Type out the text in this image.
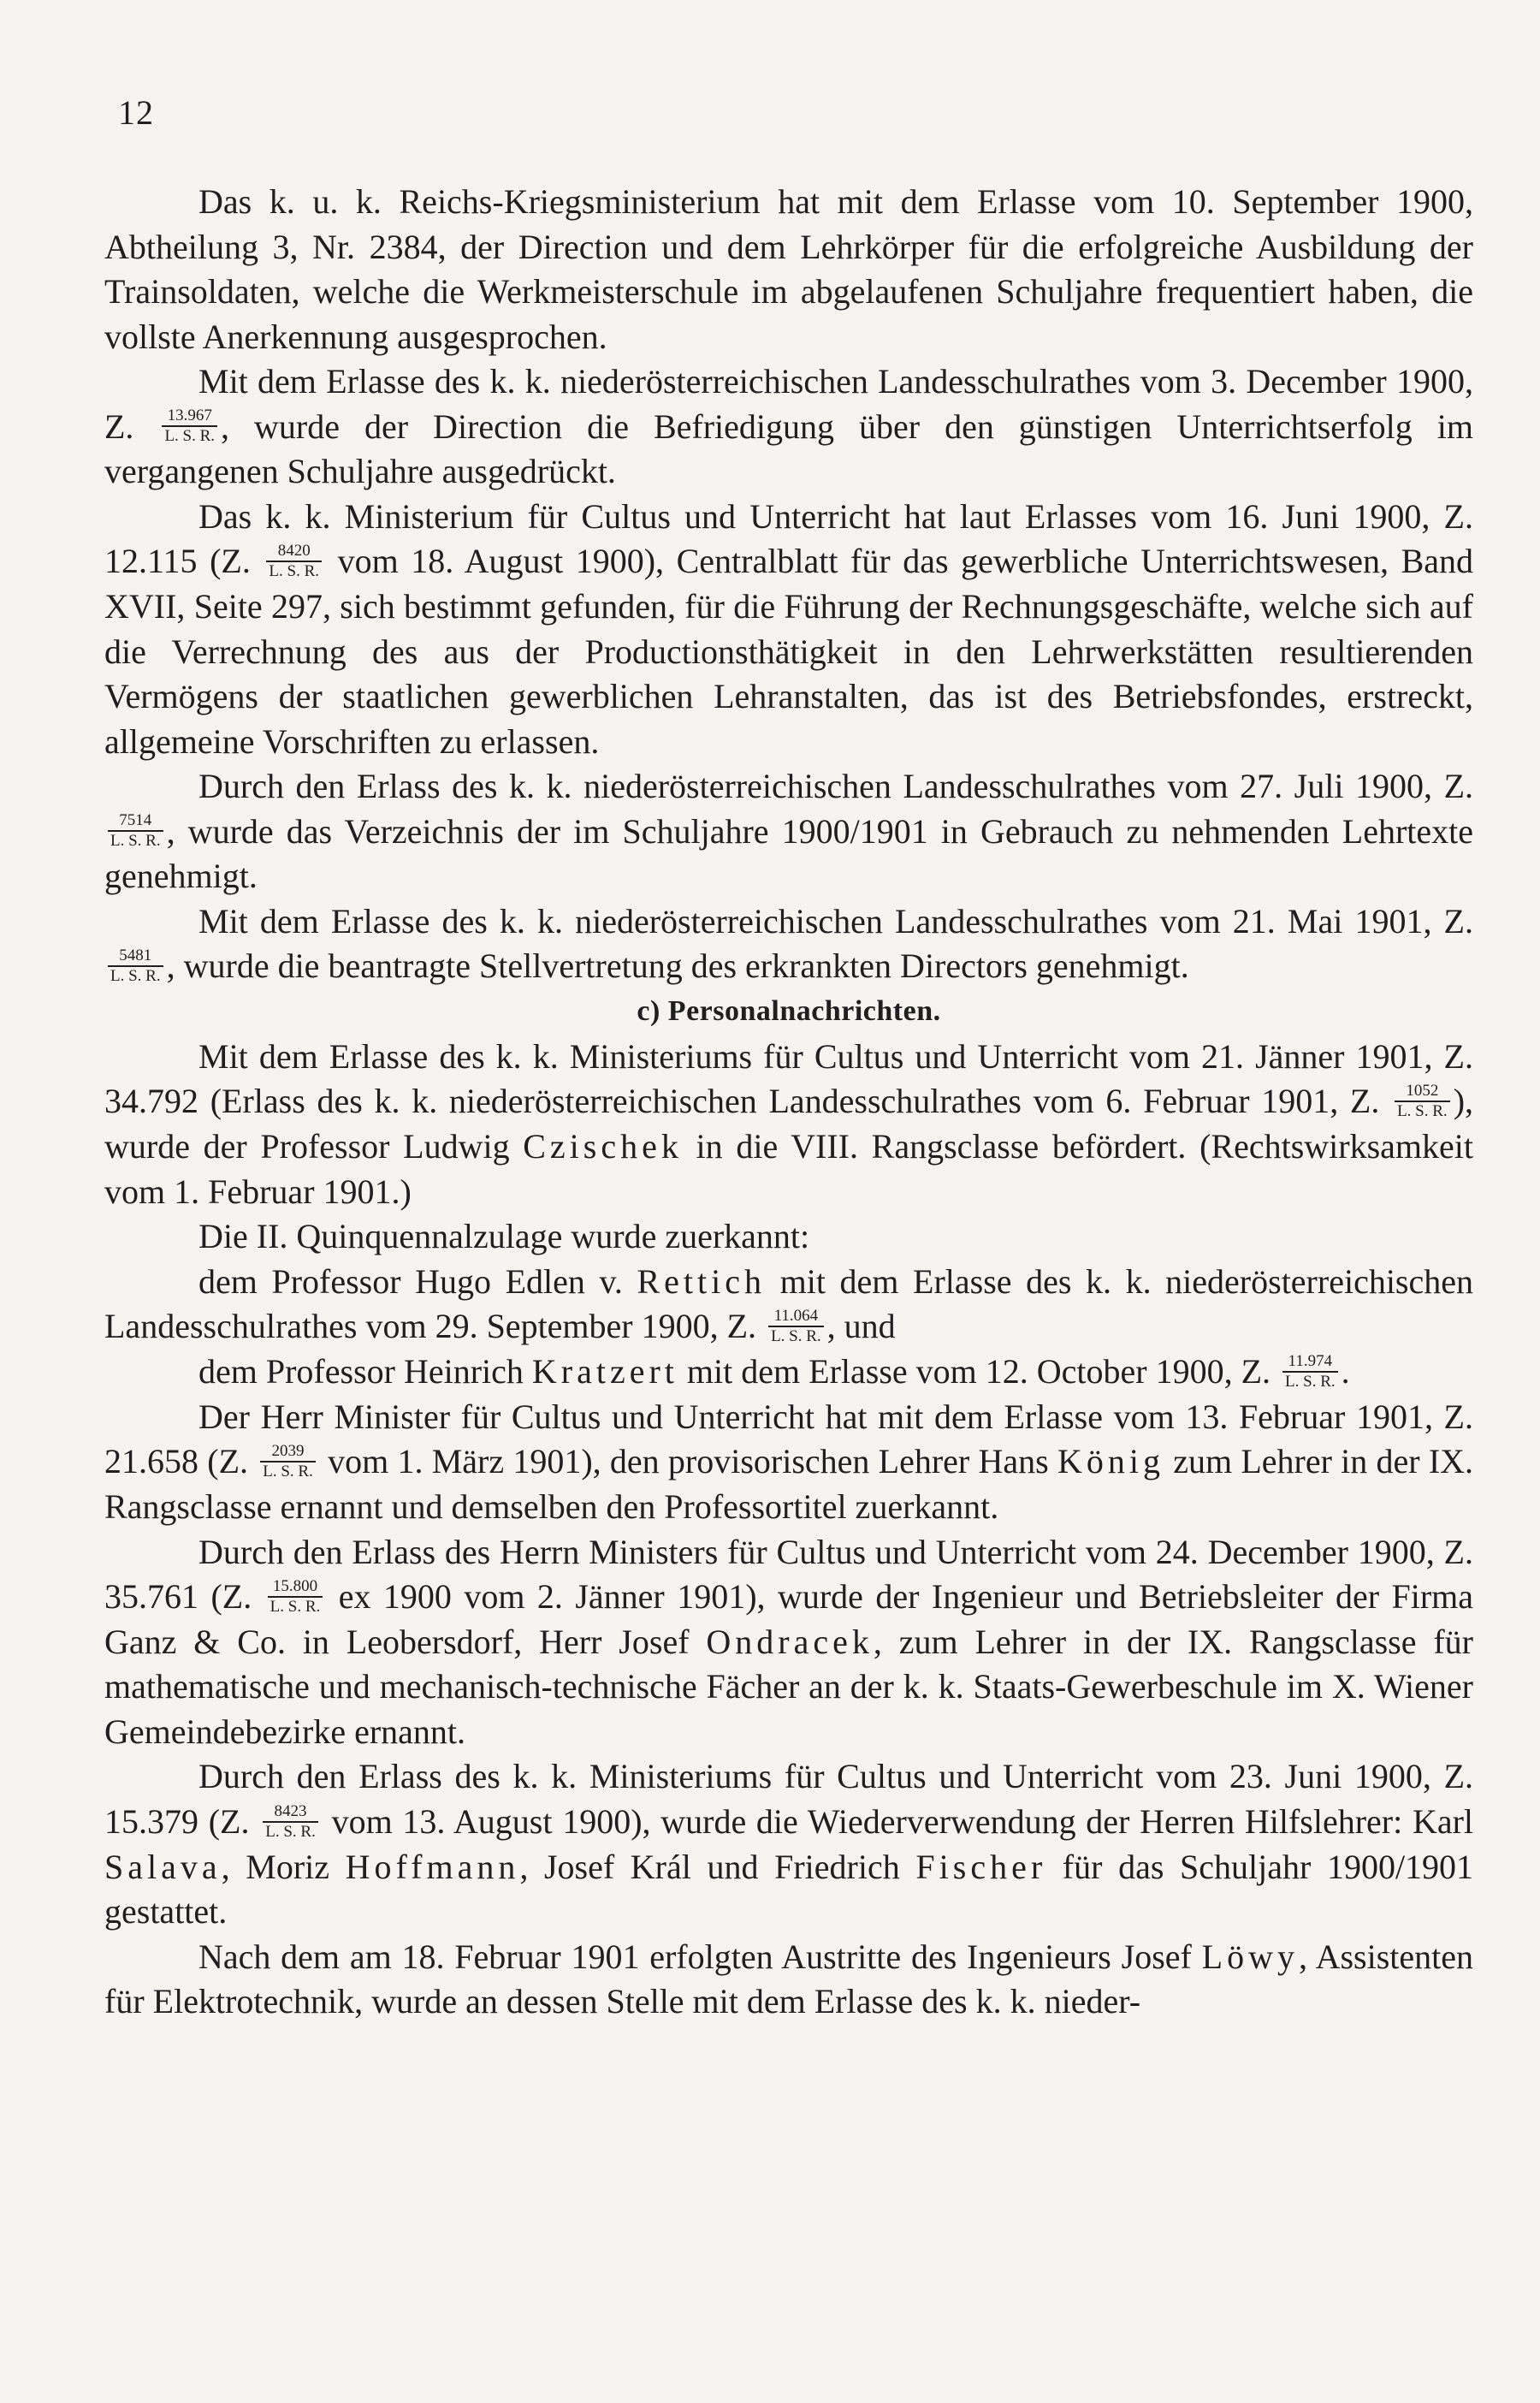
12

Das k. u. k. Reichs-Kriegsministerium hat mit dem Erlasse vom 10. September 1900, Abtheilung 3, Nr. 2384, der Direction und dem Lehrkörper für die erfolgreiche Ausbildung der Trainsoldaten, welche die Werkmeisterschule im abgelaufenen Schuljahre frequentiert haben, die vollste Anerkennung ausgesprochen.

Mit dem Erlasse des k. k. niederösterreichischen Landesschulrathes vom 3. December 1900, Z. $\frac{13.967}{L. S. R.}$ , wurde der Direction die Befriedigung über den günstigen Unterrichtserfolg im vergangenen Schuljahre ausgedrückt.

Das k. k. Ministerium für Cultus und Unterricht hat laut Erlasses vom 16. Juni 1900, Z. 12.115 (Z. $\frac{8420}{L. S. R.}$ vom 18. August 1900), Centralblatt für das gewerbliche Unterrichtswesen, Band XVII, Seite 297, sich bestimmt gefunden, für die Führung der Rechnungsgeschäfte, welche sich auf die Verrechnung des aus der Productionsthätigkeit in den Lehrwerkstätten resultierenden Vermögens der staatlichen gewerblichen Lehranstalten, das ist des Betriebsfondes, erstreckt, allgemeine Vorschriften zu erlassen.

Durch den Erlass des k. k. niederösterreichischen Landesschulrathes vom 27. Juli 1900, Z.
$\frac{7514}{L. S. R.}$ , wurde das Verzeichnis der im Schuljahre 1900/1901 in Gebrauch zu nehmenden Lehrtexte genehmigt.

Mit dem Erlasse des k. k. niederösterreichischen Landesschulrathes vom 21. Mai 1901, Z.
$\frac{5481}{L. S. R.}$ , wurde die beantragte Stellvertretung des erkrankten Directors genehmigt.

c) Personalnachrichten.

Mit dem Erlasse des k. k. Ministeriums für Cultus und Unterricht vom 21. Jänner 1901, Z. 34.792 (Erlass des k. k. niederösterreichischen Landesschulrathes vom 6. Februar 1901, Z. $\frac{1052}{L. S. R.}$ ), wurde der Professor Ludwig Czischek in die VIII. Rangsclasse befördert. (Rechtswirksamkeit vom 1. Februar 1901.)

Die II. Quinquennalzulage wurde zuerkannt:

dem Professor Hugo Edlen v. Rettich mit dem Erlasse des k. k. niederösterreichischen Landesschulrathes vom 29. September 1900, Z. $\frac{11.064}{L. S. R.}$ , und

dem Professor Heinrich Kratzert mit dem Erlasse vom 12. October 1900, Z. $\frac{11.974}{L. S. R.}$ .

Der Herr Minister für Cultus und Unterricht hat mit dem Erlasse vom 13. Februar 1901, Z. 21.658 (Z. $\frac{2039}{L. S. R.}$ vom 1. März 1901), den provisorischen Lehrer Hans König zum Lehrer in der IX. Rangsclasse ernannt und demselben den Professortitel zuerkannt.

Durch den Erlass des Herrn Ministers für Cultus und Unterricht vom 24. December 1900, Z. 35.761 (Z. $\frac{15.800}{L. S. R.}$ ex 1900 vom 2. Jänner 1901), wurde der Ingenieur und Betriebsleiter der Firma Ganz & Co. in Leobersdorf, Herr Josef Ondracek, zum Lehrer in der IX. Rangsclasse für mathematische und mechanisch-technische Fächer an der k. k. Staats-Gewerbeschule im X. Wiener Gemeindebezirke ernannt.

Durch den Erlass des k. k. Ministeriums für Cultus und Unterricht vom 23. Juni 1900, Z. 15.379 (Z. $\frac{8423}{L. S. R.}$ vom 13. August 1900), wurde die Wiederverwendung der Herren Hilfslehrer: Karl Salava, Moriz Hoffmann, Josef Král und Friedrich Fischer für das Schuljahr 1900/1901 gestattet.

Nach dem am 18. Februar 1901 erfolgten Austritte des Ingenieurs Josef Löwy, Assistenten für Elektrotechnik, wurde an dessen Stelle mit dem Erlasse des k. k. nieder-
